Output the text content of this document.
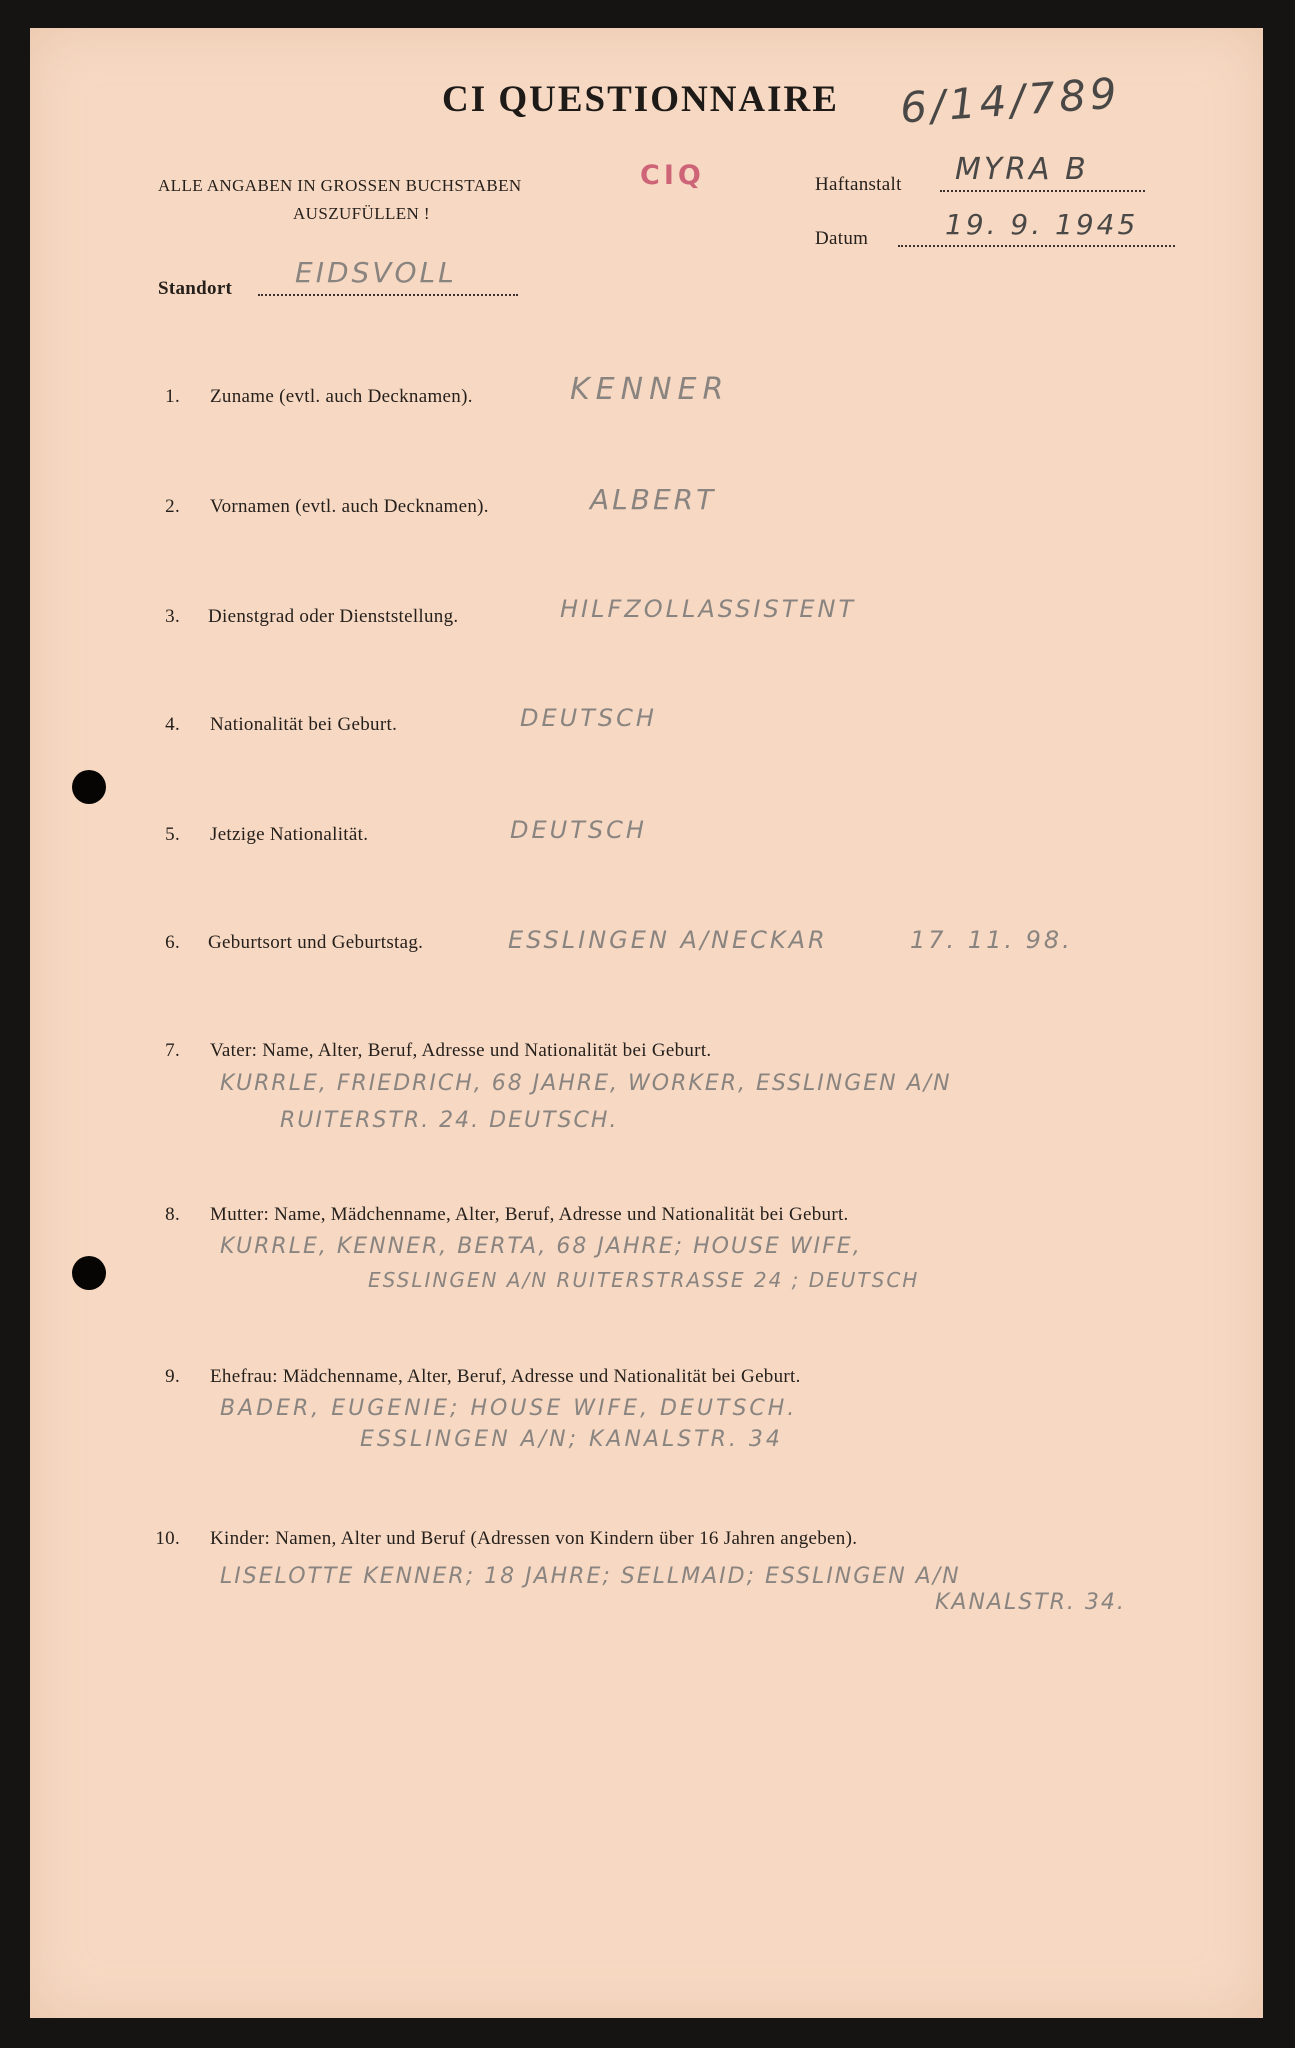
CI QUESTIONNAIRE 6/14/789
ALLE ANGABEN IN GROSSEN BUCHSTABEN
AUSZUFÜLLEN !
CIQ	Haftanstalt MYRA B
Datum	19. 9. 1945
Standort EIDSVOLL
1. Zuname (evtl. auch Decknamen).	KENNER
2. Vornamen (evtl. auch Decknamen).	ALBERT
3. Dienstgrad oder Dienststellung.	HILFZOLLASSISTENT
4. Nationalität bei Geburt.	DEUTSCH
5. Jetzige Nationalität.	DEUTSCH
6. Geburtsort und Geburtstag.	ESSLINGEN A/NECKAR	17. 11. 98.
7. Vater: Name, Alter, Beruf, Adresse und Nationalität bei Geburt.
KURRLE, FRIEDRICH, 68 JAHRE, WORKER, ESSLINGEN A/N
RUITERSTR. 24. DEUTSCH.
8. Mutter: Name, Mädchenname, Alter, Beruf, Adresse und Nationalität bei Geburt.
KURRLE, KENNER, BERTA, 68 JAHRE; HOUSE WIFE,
ESSLINGEN A/N RUITERSTRASSE 24 ; DEUTSCH
9. Ehefrau: Mädchenname, Alter, Beruf, Adresse und Nationalität bei Geburt.
BADER, EUGENIE; HOUSE WIFE, DEUTSCH.
ESSLINGEN A/N; KANALSTR. 34
10. Kinder: Namen, Alter und Beruf (Adressen von Kindern über 16 Jahren angeben).
LISELOTTE KENNER; 18 JAHRE; SELLMAID; ESSLINGEN A/N
KANALSTR. 34.
